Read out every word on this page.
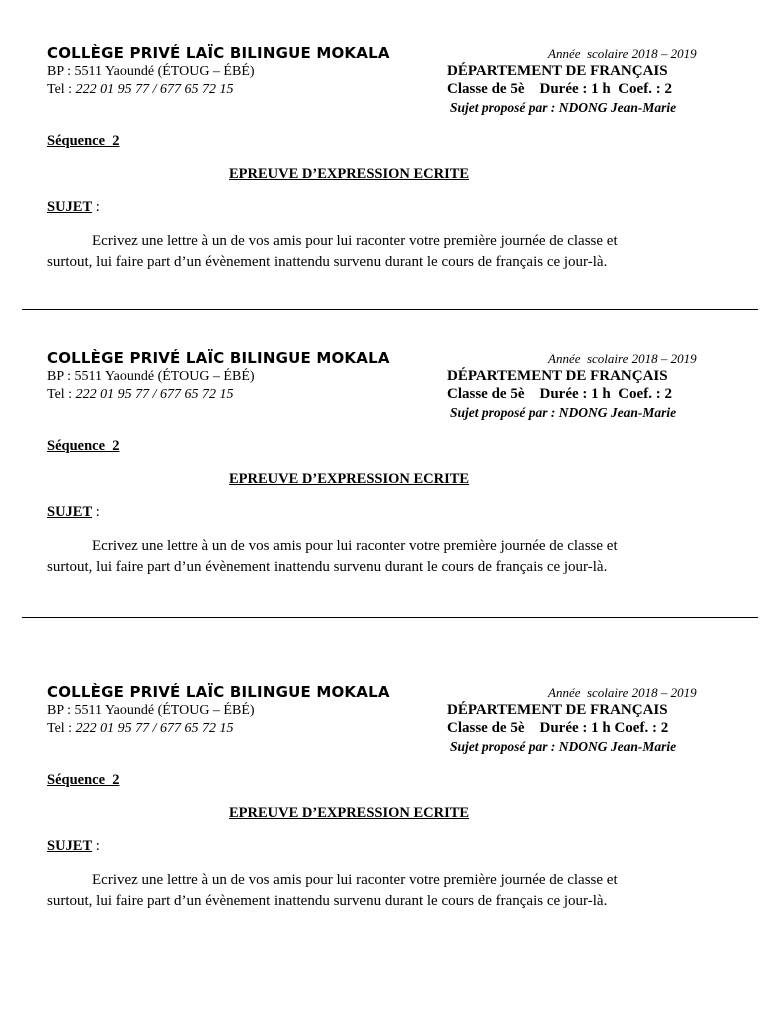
COLLÈGE PRIVÉ LAÏC BILINGUE MOKALA
BP : 5511 Yaoundé (ÉTOUG – ÉBÉ)
Tel : 222 01 95 77 / 677 65 72 15
Année  scolaire 2018 – 2019
DÉPARTEMENT DE FRANÇAIS
Classe de 5è    Durée : 1 h  Coef. : 2
Sujet proposé par : NDONG Jean-Marie
Séquence  2
EPREUVE D’EXPRESSION ECRITE
SUJET :
Ecrivez une lettre à un de vos amis pour lui raconter votre première journée de classe et
surtout, lui faire part d’un évènement inattendu survenu durant le cours de français ce jour-là.
COLLÈGE PRIVÉ LAÏC BILINGUE MOKALA
BP : 5511 Yaoundé (ÉTOUG – ÉBÉ)
Tel : 222 01 95 77 / 677 65 72 15
Année  scolaire 2018 – 2019
DÉPARTEMENT DE FRANÇAIS
Classe de 5è    Durée : 1 h  Coef. : 2
Sujet proposé par : NDONG Jean-Marie
Séquence  2
EPREUVE D’EXPRESSION ECRITE
SUJET :
Ecrivez une lettre à un de vos amis pour lui raconter votre première journée de classe et
surtout, lui faire part d’un évènement inattendu survenu durant le cours de français ce jour-là.
COLLÈGE PRIVÉ LAÏC BILINGUE MOKALA
BP : 5511 Yaoundé (ÉTOUG – ÉBÉ)
Tel : 222 01 95 77 / 677 65 72 15
Année  scolaire 2018 – 2019
DÉPARTEMENT DE FRANÇAIS
Classe de 5è    Durée : 1 h Coef. : 2
Sujet proposé par : NDONG Jean-Marie
Séquence  2
EPREUVE D’EXPRESSION ECRITE
SUJET :
Ecrivez une lettre à un de vos amis pour lui raconter votre première journée de classe et
surtout, lui faire part d’un évènement inattendu survenu durant le cours de français ce jour-là.
